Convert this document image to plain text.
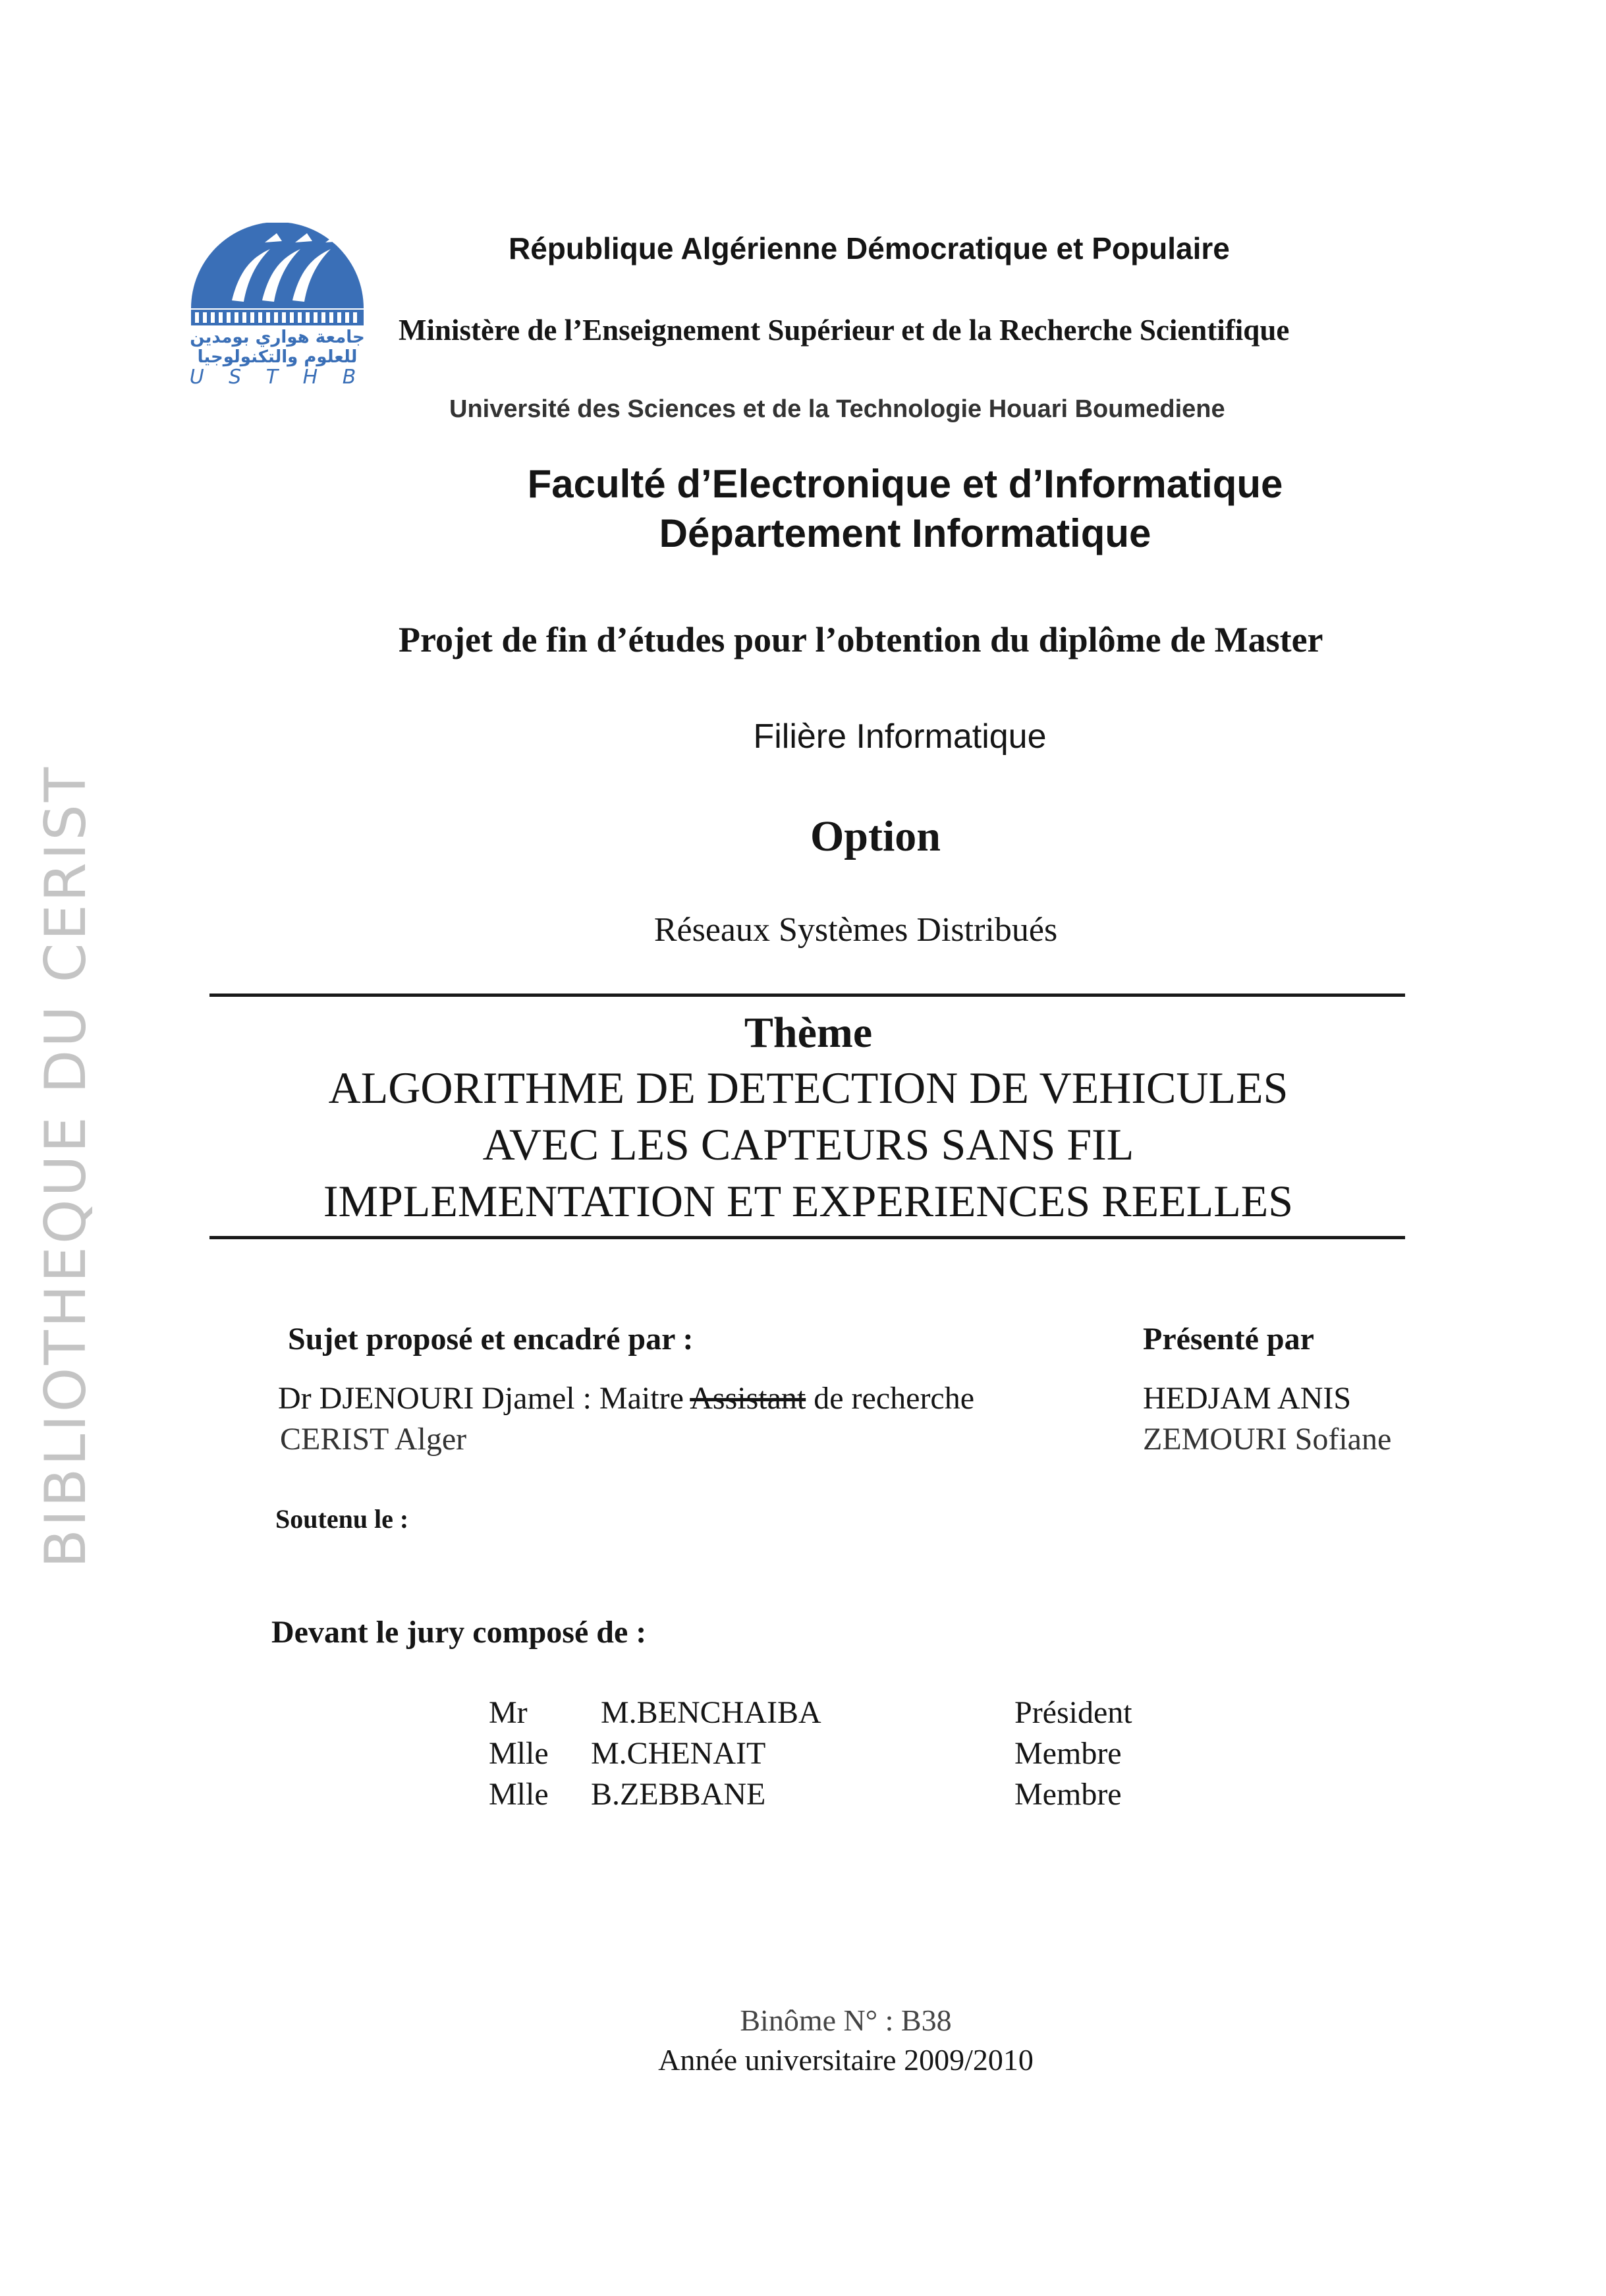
جامعة هواري بومدين
للعلوم والتكنولوجيا
U S T H B
BIBLIOTHEQUE DU CERIST
République Algérienne Démocratique et Populaire
Ministère de l’Enseignement Supérieur et de la Recherche Scientifique
Université des Sciences et de la Technologie Houari Boumediene
Faculté d’Electronique et d’Informatique
Département Informatique
Projet de fin d’études pour l’obtention du diplôme de Master
Filière Informatique
Option
Réseaux Systèmes Distribués
Thème
ALGORITHME DE DETECTION DE VEHICULES
AVEC LES CAPTEURS SANS FIL
IMPLEMENTATION ET EXPERIENCES REELLES
Sujet proposé et encadré par :
Dr DJENOURI Djamel : Maitre Assistant de recherche
CERIST Alger
Présenté par
HEDJAM ANIS
ZEMOURI Sofiane
Soutenu le :
Devant le jury composé de :
Mr M.BENCHAIBA	Président
Mlle M.CHENAIT	Membre
Mlle B.ZEBBANE	Membre
Binôme N° : B38
Année universitaire 2009/2010
